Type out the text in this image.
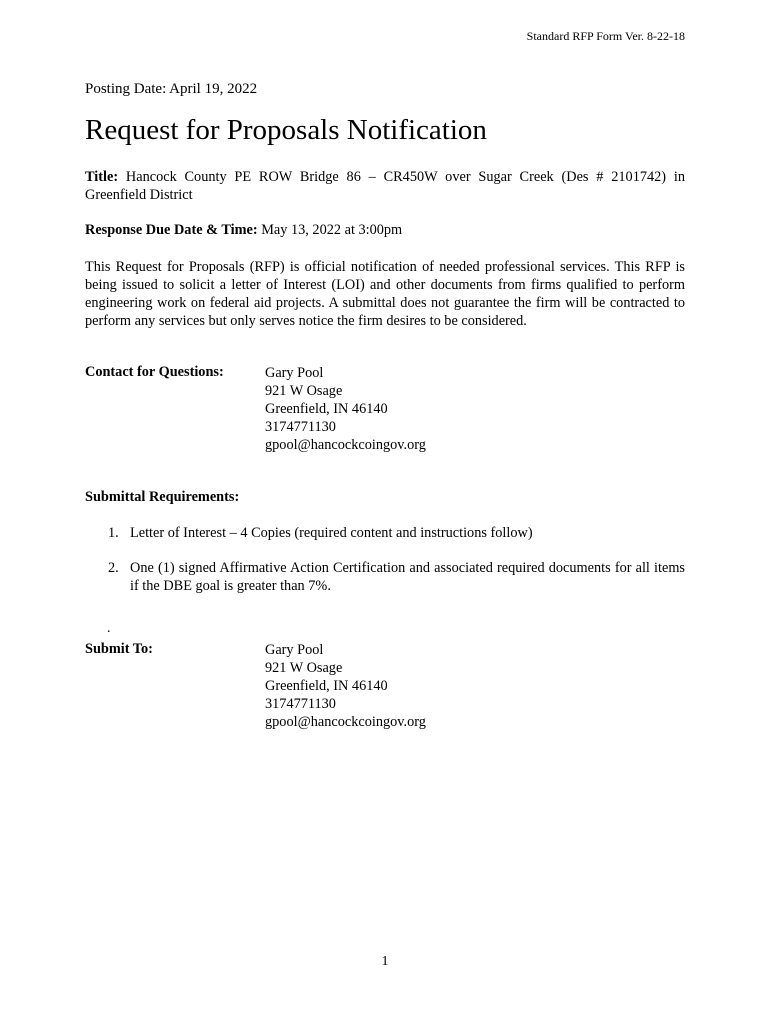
Standard RFP Form Ver. 8-22-18
Posting Date: April 19, 2022
Request for Proposals Notification

Title: Hancock County PE ROW Bridge 86 – CR450W over Sugar Creek (Des # 2101742) in Greenfield District

Response Due Date & Time: May 13, 2022 at 3:00pm

This Request for Proposals (RFP) is official notification of needed professional services. This RFP is being issued to solicit a letter of Interest (LOI) and other documents from firms qualified to perform engineering work on federal aid projects. A submittal does not guarantee the firm will be contracted to perform any services but only serves notice the firm desires to be considered.

Contact for Questions:	Gary Pool
921 W Osage
Greenfield, IN 46140
3174771130
gpool@hancockcoingov.org
Submittal Requirements:
1. Letter of Interest – 4 Copies (required content and instructions follow)
2. One (1) signed Affirmative Action Certification and associated required documents for all items if the DBE goal is greater than 7%.
.
Submit To:	Gary Pool
921 W Osage
Greenfield, IN 46140
3174771130
gpool@hancockcoingov.org
1
